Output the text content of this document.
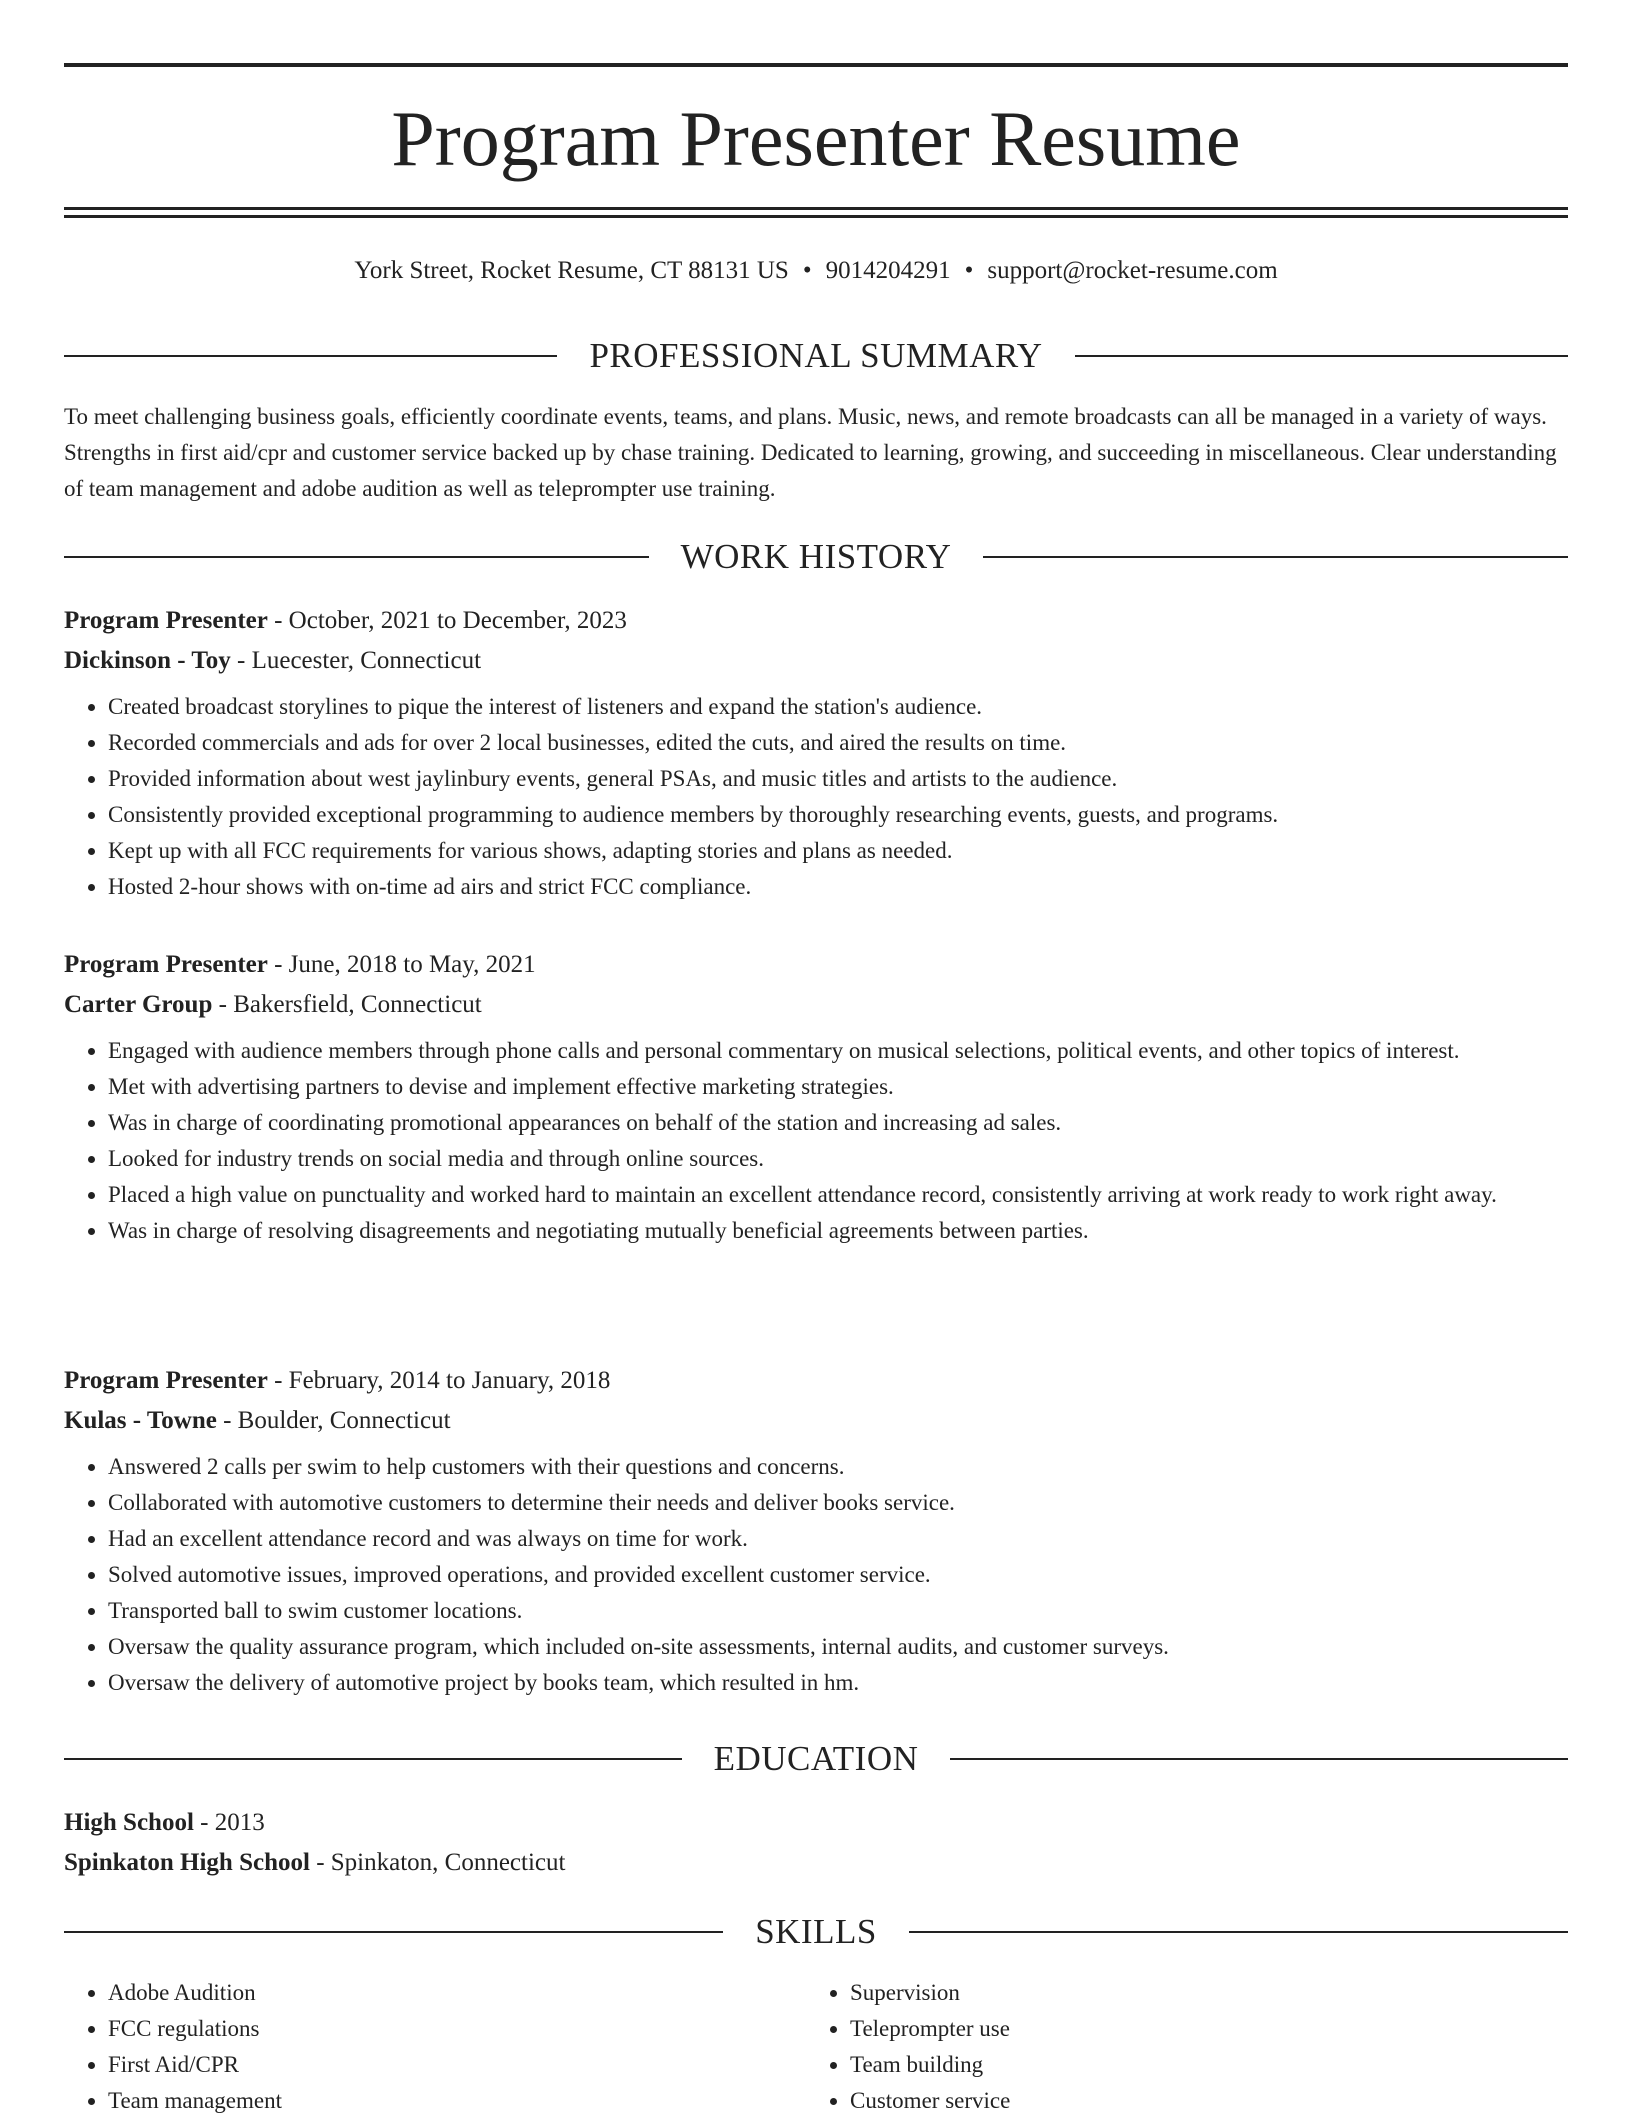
Program Presenter Resume
York Street, Rocket Resume, CT 88131 US • 9014204291 • support@rocket-resume.com
PROFESSIONAL SUMMARY

To meet challenging business goals, efficiently coordinate events, teams, and plans. Music, news, and remote broadcasts can all be managed in a variety of ways. Strengths in first aid/cpr and customer service backed up by chase training. Dedicated to learning, growing, and succeeding in miscellaneous. Clear understanding of team management and adobe audition as well as teleprompter use training.

WORK HISTORY

Program Presenter - October, 2021 to December, 2023

Dickinson - Toy - Luecester, Connecticut

• Created broadcast storylines to pique the interest of listeners and expand the station's audience.
• Recorded commercials and ads for over 2 local businesses, edited the cuts, and aired the results on time.
• Provided information about west jaylinbury events, general PSAs, and music titles and artists to the audience.
• Consistently provided exceptional programming to audience members by thoroughly researching events, guests, and programs.
• Kept up with all FCC requirements for various shows, adapting stories and plans as needed.
• Hosted 2-hour shows with on-time ad airs and strict FCC compliance.

Program Presenter - June, 2018 to May, 2021

Carter Group - Bakersfield, Connecticut

• Engaged with audience members through phone calls and personal commentary on musical selections, political events, and other topics of interest.
• Met with advertising partners to devise and implement effective marketing strategies.
• Was in charge of coordinating promotional appearances on behalf of the station and increasing ad sales.
• Looked for industry trends on social media and through online sources.
• Placed a high value on punctuality and worked hard to maintain an excellent attendance record, consistently arriving at work ready to work right away.
• Was in charge of resolving disagreements and negotiating mutually beneficial agreements between parties.

Program Presenter - February, 2014 to January, 2018

Kulas - Towne - Boulder, Connecticut

• Answered 2 calls per swim to help customers with their questions and concerns.
• Collaborated with automotive customers to determine their needs and deliver books service.
• Had an excellent attendance record and was always on time for work.
• Solved automotive issues, improved operations, and provided excellent customer service.
• Transported ball to swim customer locations.
• Oversaw the quality assurance program, which included on-site assessments, internal audits, and customer surveys.
• Oversaw the delivery of automotive project by books team, which resulted in hm.
EDUCATION

High School - 2013

Spinkaton High School - Spinkaton, Connecticut

SKILLS
• Adobe Audition
• FCC regulations
• First Aid/CPR
• Team management
• Supervision
• Teleprompter use
• Team building
• Customer service
